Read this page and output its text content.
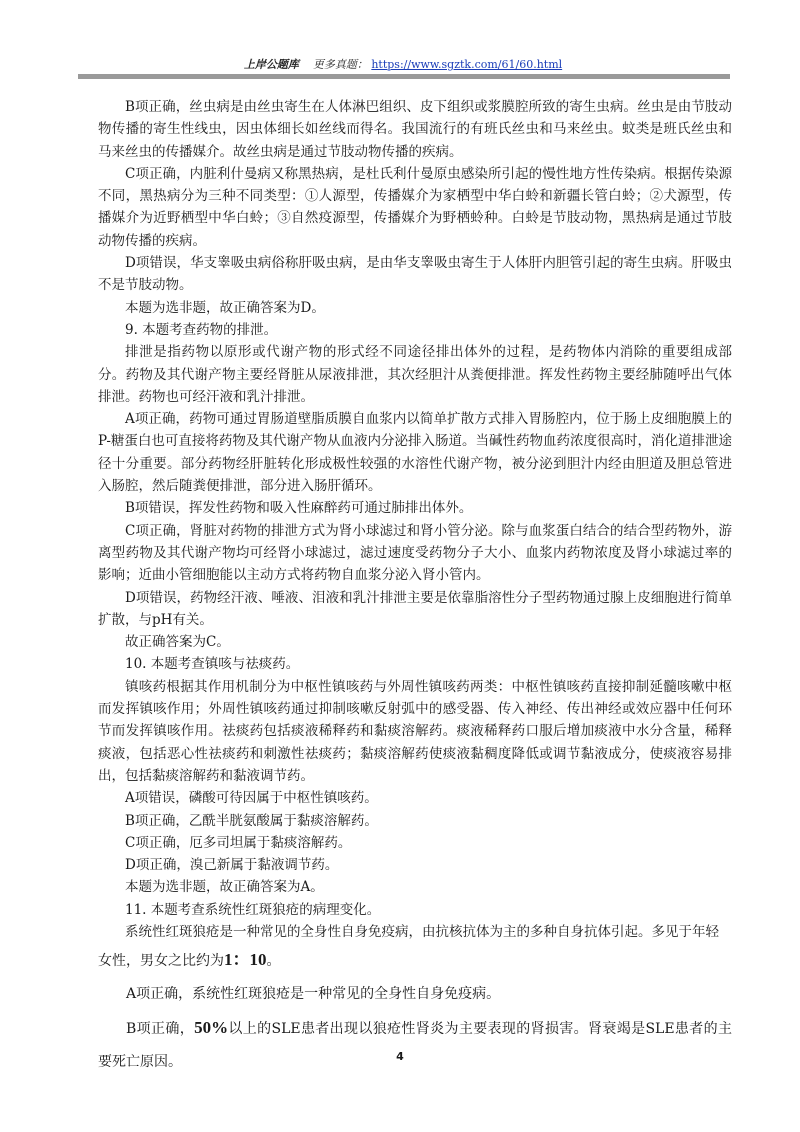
上岸公题库 更多真题： https://www.sgztk.com/61/60.html

B项正确，丝虫病是由丝虫寄生在人体淋巴组织、皮下组织或浆膜腔所致的寄生虫病。丝虫是由节肢动物传播的寄生性线虫，因虫体细长如丝线而得名。我国流行的有班氏丝虫和马来丝虫。蚊类是班氏丝虫和马来丝虫的传播媒介。故丝虫病是通过节肢动物传播的疾病。

C项正确，内脏利什曼病又称黑热病，是杜氏利什曼原虫感染所引起的慢性地方性传染病。根据传染源不同，黑热病分为三种不同类型：①人源型，传播媒介为家栖型中华白蛉和新疆长管白蛉；②犬源型，传播媒介为近野栖型中华白蛉；③自然疫源型，传播媒介为野栖蛉种。白蛉是节肢动物，黑热病是通过节肢动物传播的疾病。

D项错误，华支睾吸虫病俗称肝吸虫病，是由华支睾吸虫寄生于人体肝内胆管引起的寄生虫病。肝吸虫不是节肢动物。

本题为选非题，故正确答案为D。

9. 本题考查药物的排泄。

排泄是指药物以原形或代谢产物的形式经不同途径排出体外的过程，是药物体内消除的重要组成部分。药物及其代谢产物主要经肾脏从尿液排泄，其次经胆汁从粪便排泄。挥发性药物主要经肺随呼出气体排泄。药物也可经汗液和乳汁排泄。

A项正确，药物可通过胃肠道壁脂质膜自血浆内以简单扩散方式排入胃肠腔内，位于肠上皮细胞膜上的P-糖蛋白也可直接将药物及其代谢产物从血液内分泌排入肠道。当碱性药物血药浓度很高时，消化道排泄途径十分重要。部分药物经肝脏转化形成极性较强的水溶性代谢产物，被分泌到胆汁内经由胆道及胆总管进入肠腔，然后随粪便排泄，部分进入肠肝循环。

B项错误，挥发性药物和吸入性麻醉药可通过肺排出体外。

C项正确，肾脏对药物的排泄方式为肾小球滤过和肾小管分泌。除与血浆蛋白结合的结合型药物外，游离型药物及其代谢产物均可经肾小球滤过，滤过速度受药物分子大小、血浆内药物浓度及肾小球滤过率的影响；近曲小管细胞能以主动方式将药物自血浆分泌入肾小管内。

D项错误，药物经汗液、唾液、泪液和乳汁排泄主要是依靠脂溶性分子型药物通过腺上皮细胞进行简单扩散，与pH有关。

故正确答案为C。

10. 本题考查镇咳与祛痰药。

镇咳药根据其作用机制分为中枢性镇咳药与外周性镇咳药两类：中枢性镇咳药直接抑制延髓咳嗽中枢而发挥镇咳作用；外周性镇咳药通过抑制咳嗽反射弧中的感受器、传入神经、传出神经或效应器中任何环节而发挥镇咳作用。祛痰药包括痰液稀释药和黏痰溶解药。痰液稀释药口服后增加痰液中水分含量，稀释痰液，包括恶心性祛痰药和刺激性祛痰药；黏痰溶解药使痰液黏稠度降低或调节黏液成分，使痰液容易排出，包括黏痰溶解药和黏液调节药。

A项错误，磷酸可待因属于中枢性镇咳药。

B项正确，乙酰半胱氨酸属于黏痰溶解药。

C项正确，厄多司坦属于黏痰溶解药。

D项正确，溴己新属于黏液调节药。

本题为选非题，故正确答案为A。

11. 本题考查系统性红斑狼疮的病理变化。

系统性红斑狼疮是一种常见的全身性自身免疫病，由抗核抗体为主的多种自身抗体引起。多见于年轻

女性，男女之比约为1：10。

A项正确，系统性红斑狼疮是一种常见的全身性自身免疫病。

B项正确，50%以上的SLE患者出现以狼疮性肾炎为主要表现的肾损害。肾衰竭是SLE患者的主要死亡原因。	4
